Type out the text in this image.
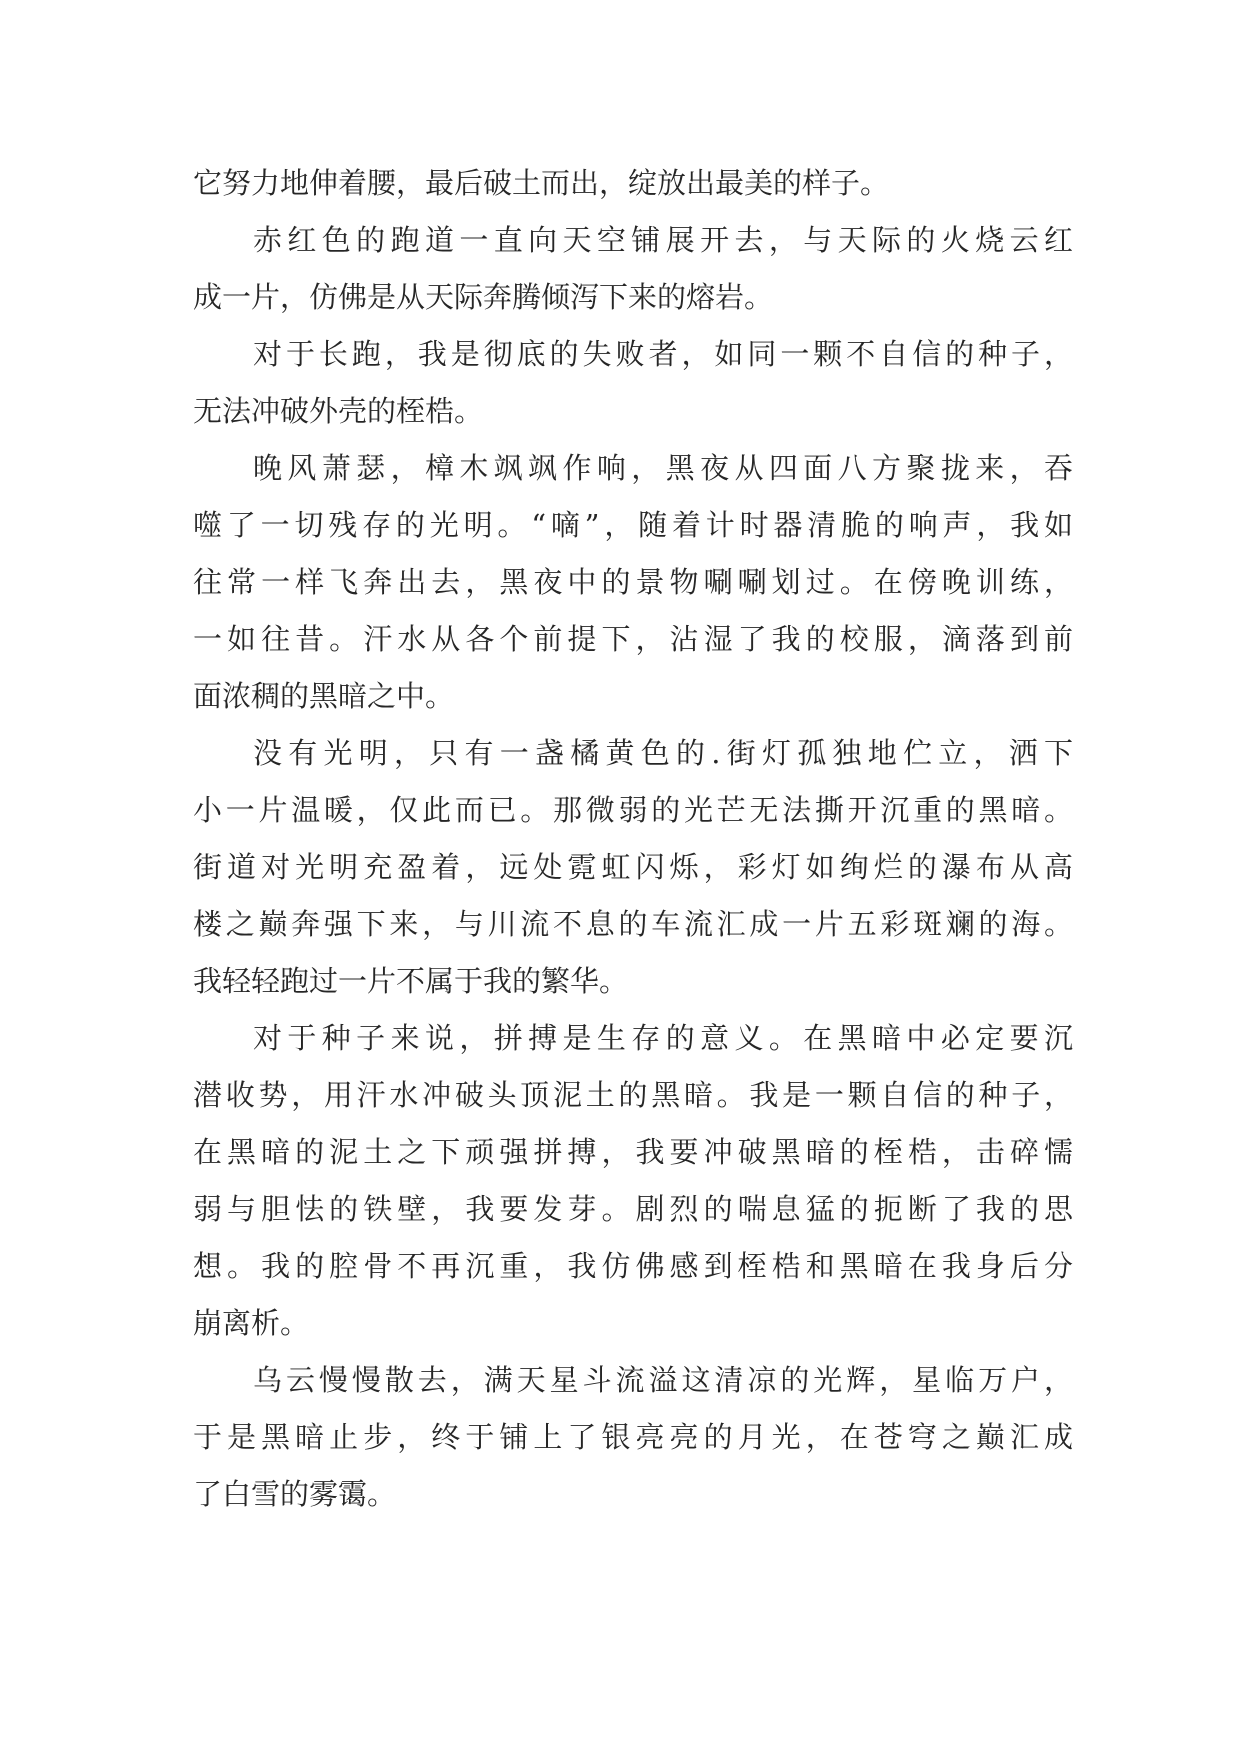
它努力地伸着腰，最后破土而出，绽放出最美的样子。
赤红色的跑道一直向天空铺展开去，与天际的火烧云红
成一片，仿佛是从天际奔腾倾泻下来的熔岩。
对于长跑，我是彻底的失败者，如同一颗不自信的种子，
无法冲破外壳的桎梏。
晚风萧瑟，樟木飒飒作响，黑夜从四面八方聚拢来，吞
噬了一切残存的光明。“嘀”，随着计时器清脆的响声，我如
往常一样飞奔出去，黑夜中的景物唰唰划过。在傍晚训练，
一如往昔。汗水从各个前提下，沾湿了我的校服，滴落到前
面浓稠的黑暗之中。
没有光明，只有一盏橘黄色的.街灯孤独地伫立，洒下
小一片温暖，仅此而已。那微弱的光芒无法撕开沉重的黑暗。
街道对光明充盈着，远处霓虹闪烁，彩灯如绚烂的瀑布从高
楼之巅奔强下来，与川流不息的车流汇成一片五彩斑斓的海。
我轻轻跑过一片不属于我的繁华。
对于种子来说，拼搏是生存的意义。在黑暗中必定要沉
潜收势，用汗水冲破头顶泥土的黑暗。我是一颗自信的种子，
在黑暗的泥土之下顽强拼搏，我要冲破黑暗的桎梏，击碎懦
弱与胆怯的铁壁，我要发芽。剧烈的喘息猛的扼断了我的思
想。我的腔骨不再沉重，我仿佛感到桎梏和黑暗在我身后分
崩离析。
乌云慢慢散去，满天星斗流溢这清凉的光辉，星临万户，
于是黑暗止步，终于铺上了银亮亮的月光，在苍穹之巅汇成
了白雪的雾霭。
